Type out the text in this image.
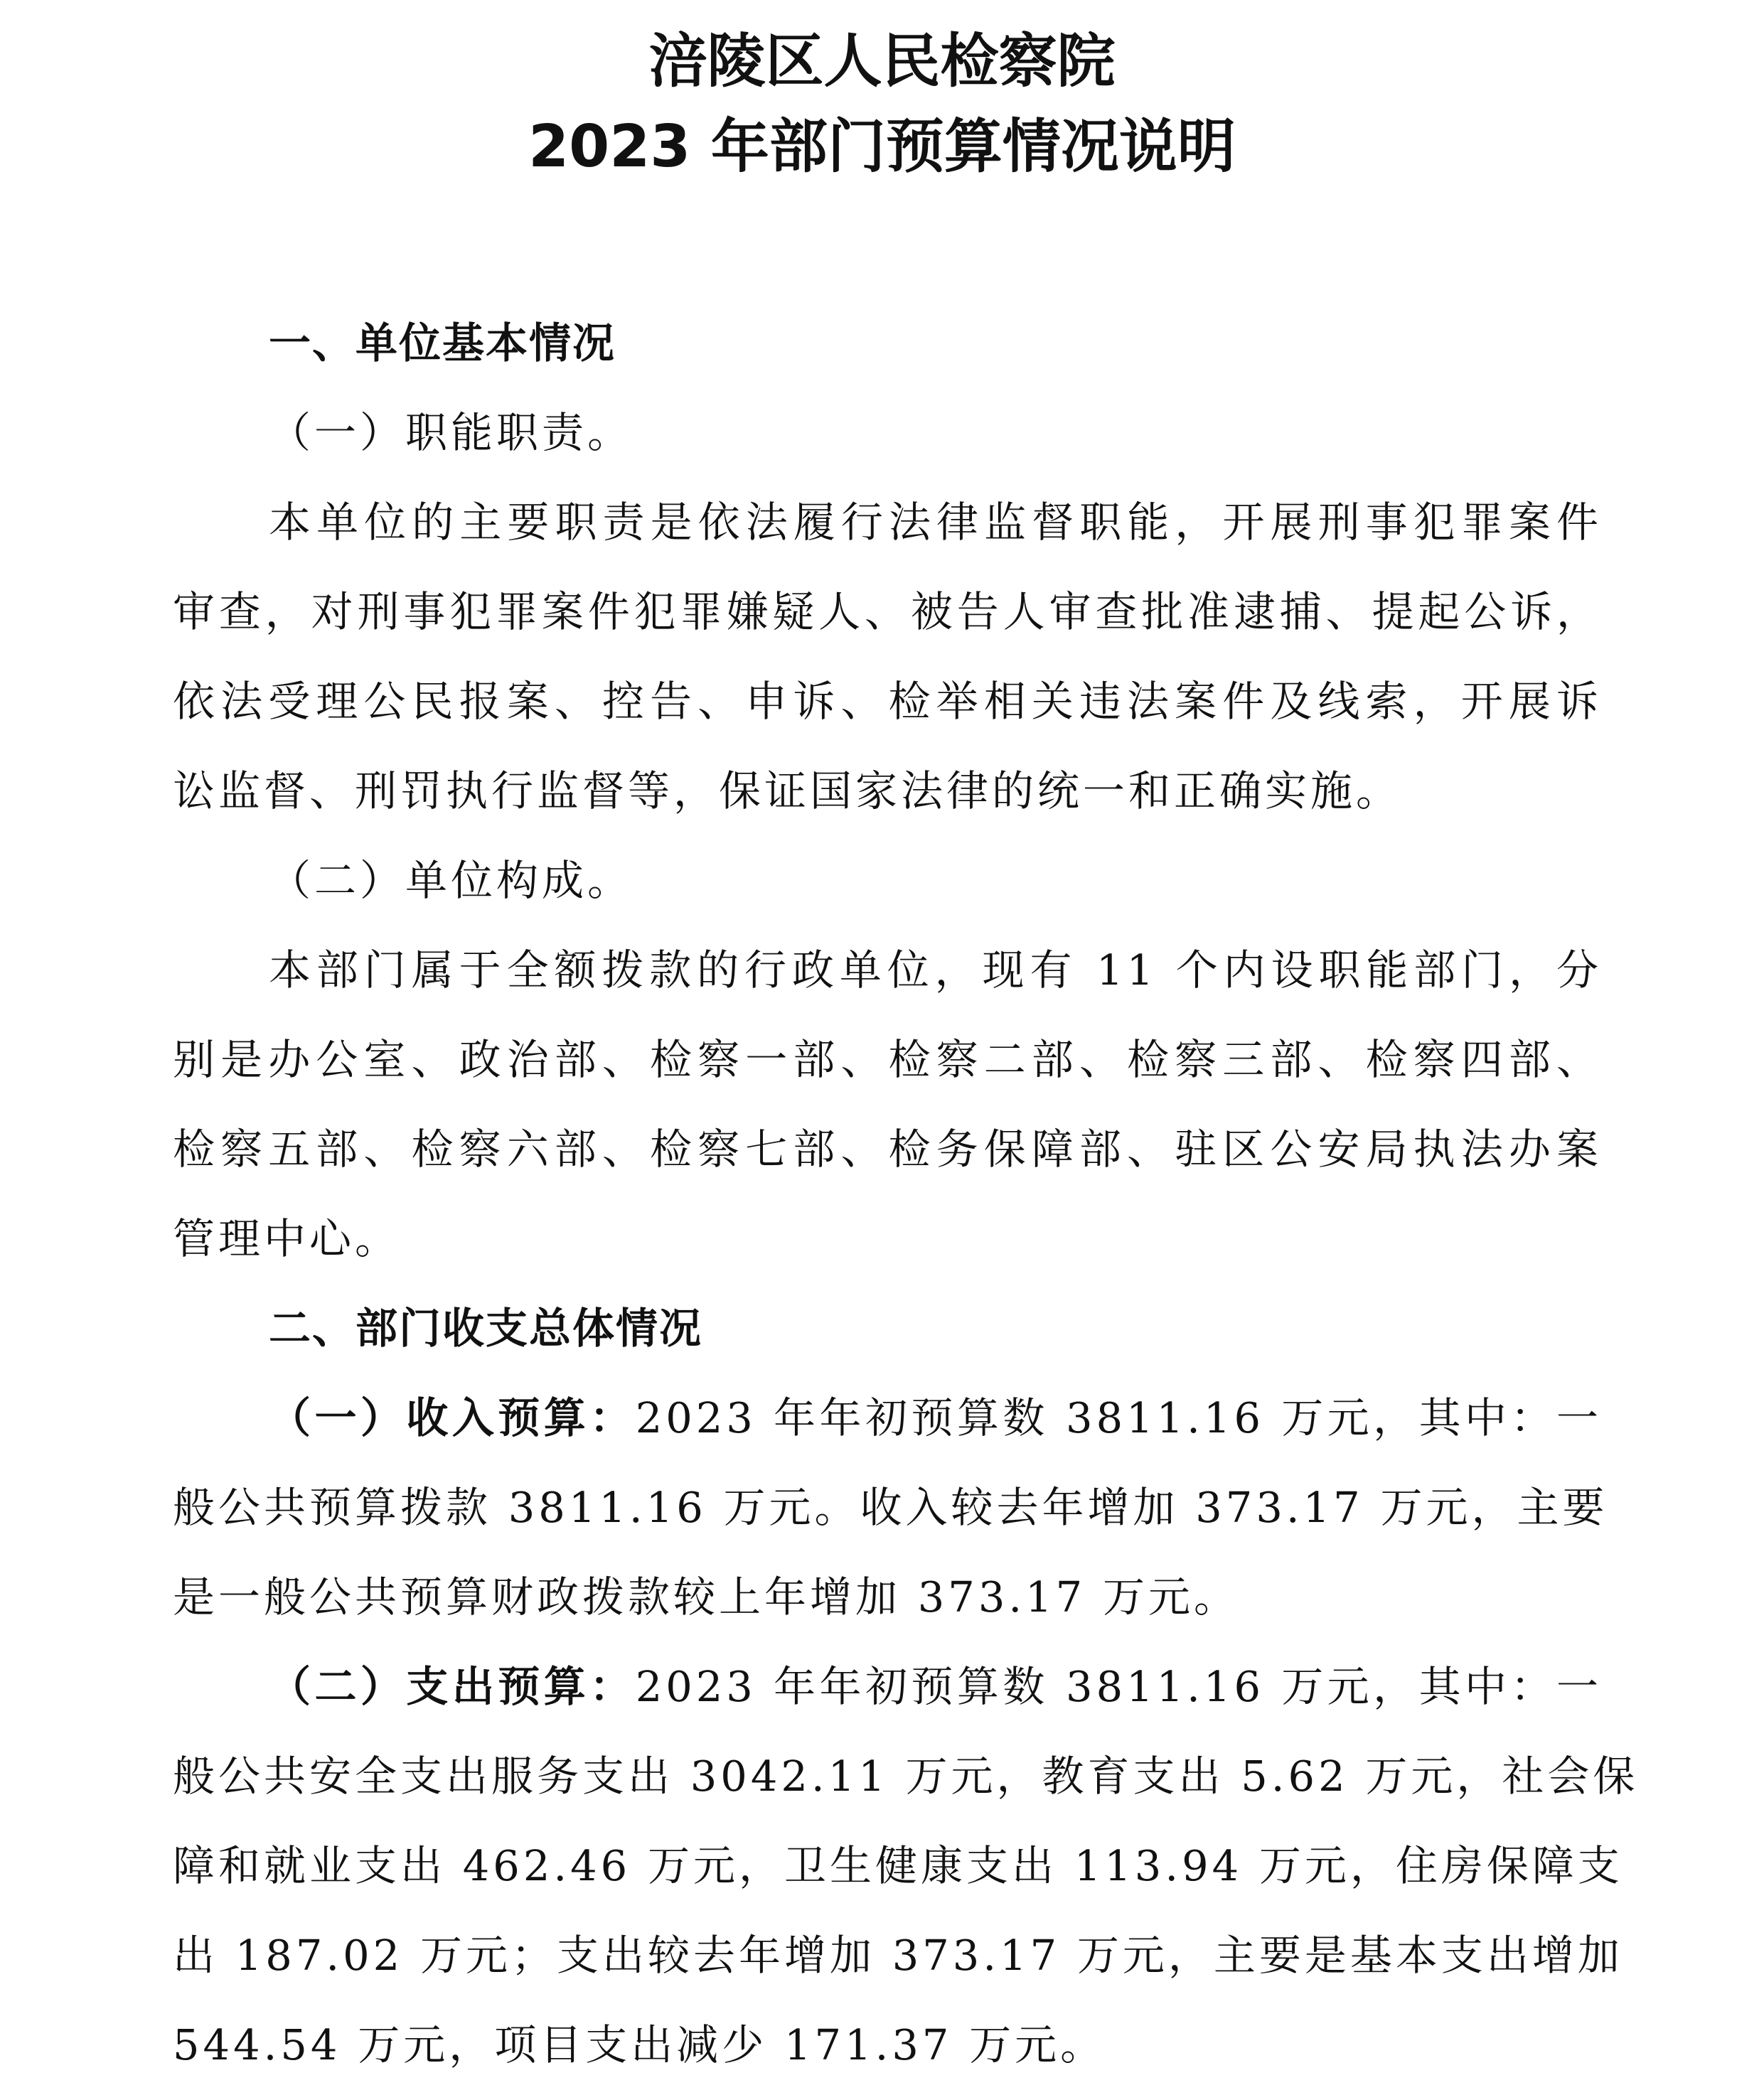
涪陵区人民检察院
2023 年部门预算情况说明
一、单位基本情况
（一）职能职责。
本单位的主要职责是依法履行法律监督职能，开展刑事犯罪案件
审查，对刑事犯罪案件犯罪嫌疑人、被告人审查批准逮捕、提起公诉，
依法受理公民报案、控告、申诉、检举相关违法案件及线索，开展诉
讼监督、刑罚执行监督等，保证国家法律的统一和正确实施。
（二）单位构成。
本部门属于全额拨款的行政单位，现有 11 个内设职能部门，分
别是办公室、政治部、检察一部、检察二部、检察三部、检察四部、
检察五部、检察六部、检察七部、检务保障部、驻区公安局执法办案
管理中心。
二、部门收支总体情况
（一）收入预算：2023 年年初预算数 3811.16 万元，其中：一
般公共预算拨款 3811.16 万元。收入较去年增加 373.17 万元，主要
是一般公共预算财政拨款较上年增加 373.17 万元。
（二）支出预算：2023 年年初预算数 3811.16 万元，其中：一
般公共安全支出服务支出 3042.11 万元，教育支出 5.62 万元，社会保
障和就业支出 462.46 万元，卫生健康支出 113.94 万元，住房保障支
出 187.02 万元；支出较去年增加 373.17 万元，主要是基本支出增加
544.54 万元，项目支出减少 171.37 万元。
